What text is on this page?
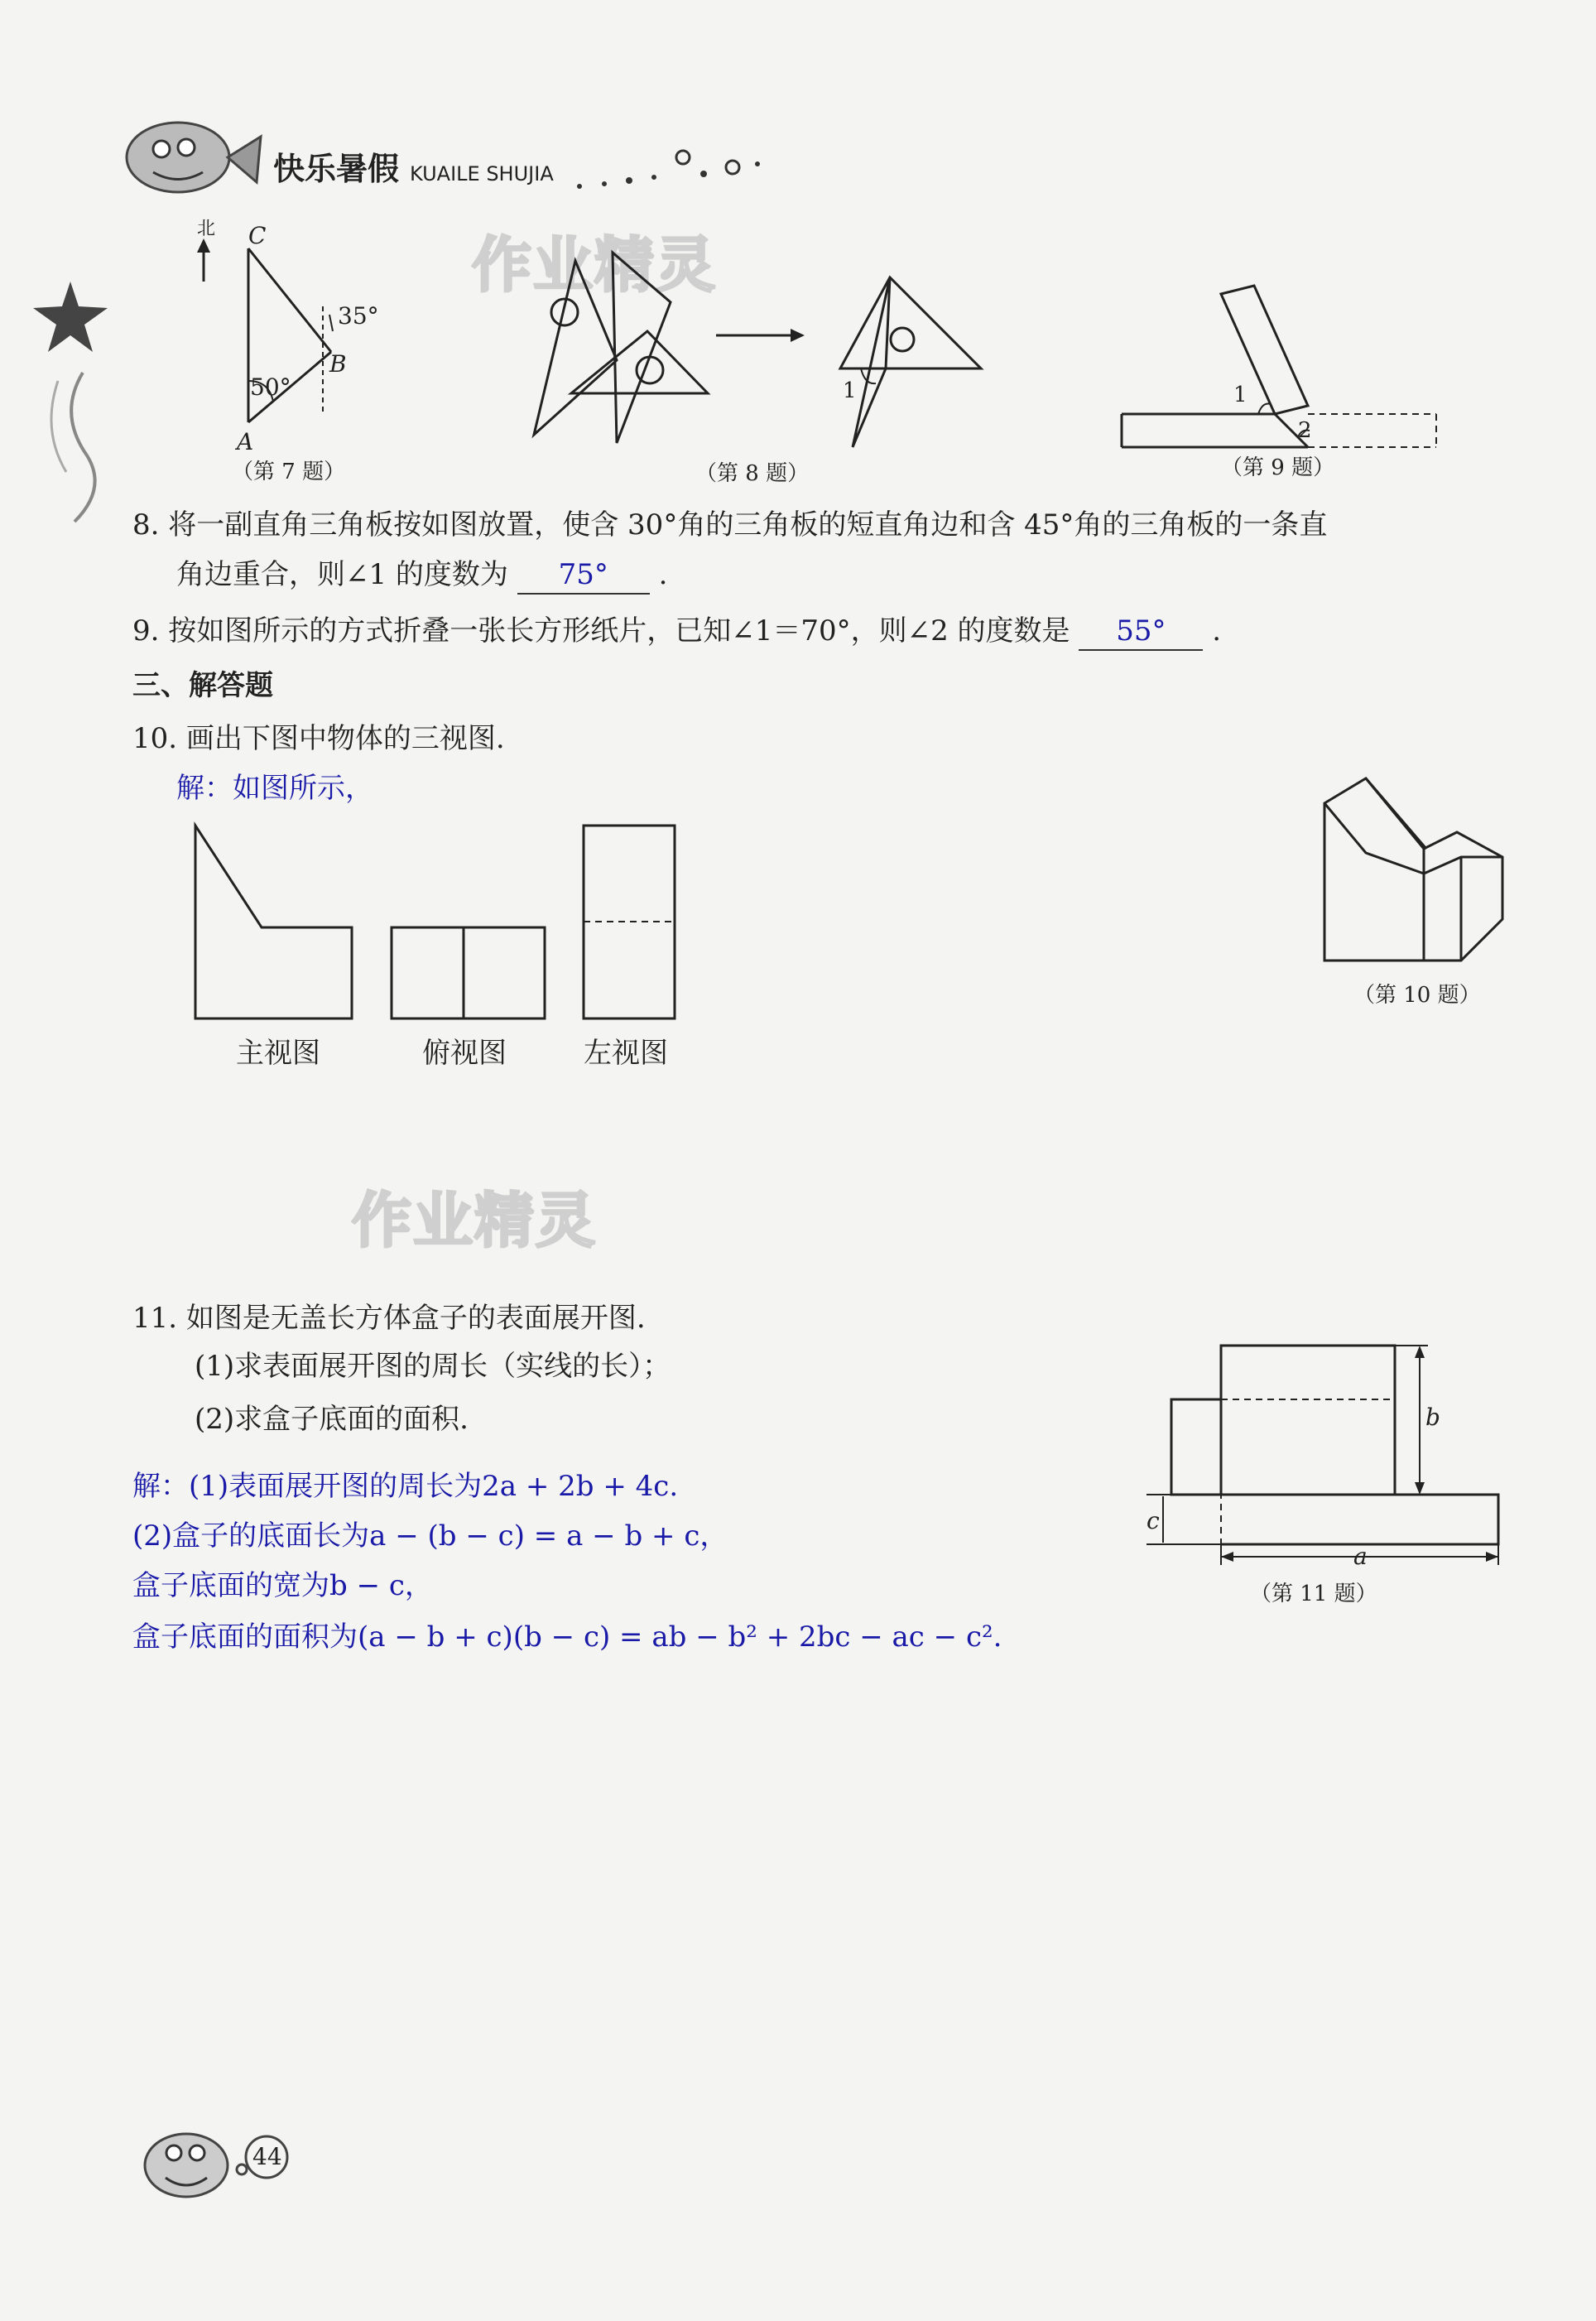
快乐暑假 KUAILE SHUJIA
作业精灵
北 C
35°
B
50°
A
（第 7 题）
1
（第 8 题）
1
2
（第 9 题）
8. 将一副直角三角板按如图放置，使含 30°角的三角板的短直角边和含 45°角的三角板的一条直
角边重合，则∠1 的度数为 75° .
9. 按如图所示的方式折叠一张长方形纸片，已知∠1＝70°，则∠2 的度数是 55° .
三、解答题
10. 画出下图中物体的三视图.
解：如图所示，
主视图	俯视图	左视图
（第 10 题）
作业精灵
11. 如图是无盖长方体盒子的表面展开图.
(1)求表面展开图的周长（实线的长）；
(2)求盒子底面的面积.
解：(1)表面展开图的周长为2a + 2b + 4c.
(2)盒子的底面长为a − (b − c) = a − b + c，
盒子底面的宽为b − c，
盒子底面的面积为(a − b + c)(b − c) = ab − b² + 2bc − ac − c².
b
c
a
（第 11 题）
44
